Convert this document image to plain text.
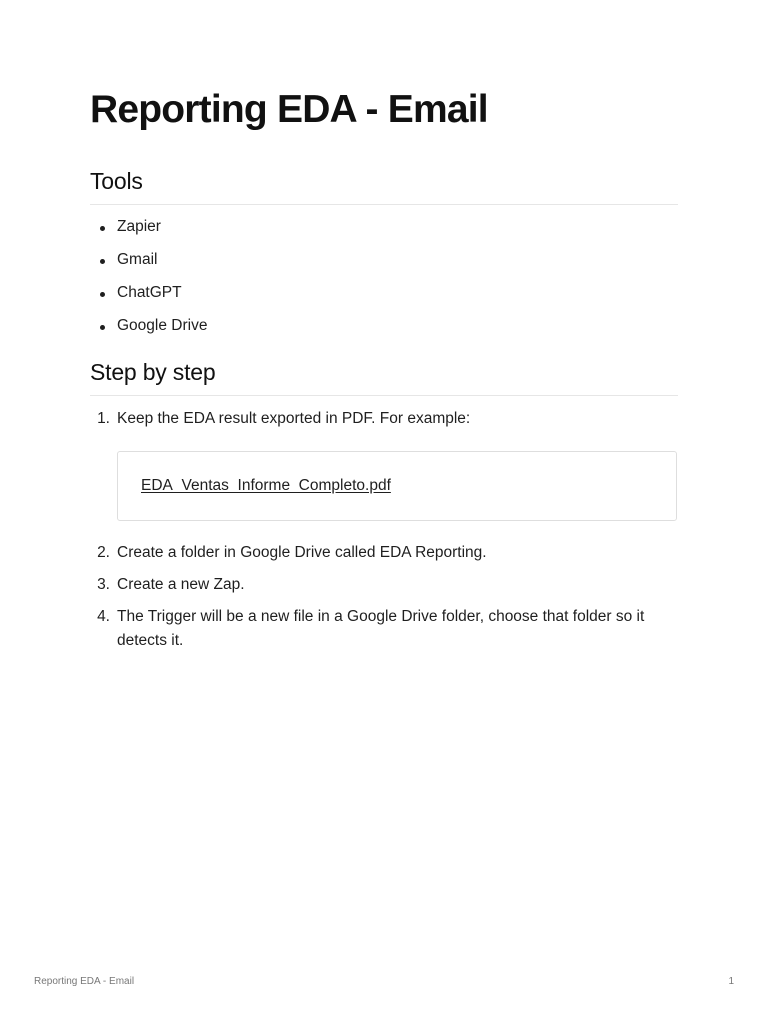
Reporting EDA - Email
Tools
Zapier
Gmail
ChatGPT
Google Drive
Step by step
1. Keep the EDA result exported in PDF. For example:
EDA_Ventas_Informe_Completo.pdf
2. Create a folder in Google Drive called EDA Reporting.
3. Create a new Zap.
4. The Trigger will be a new file in a Google Drive folder, choose that folder so it detects it.
Reporting EDA - Email	1
